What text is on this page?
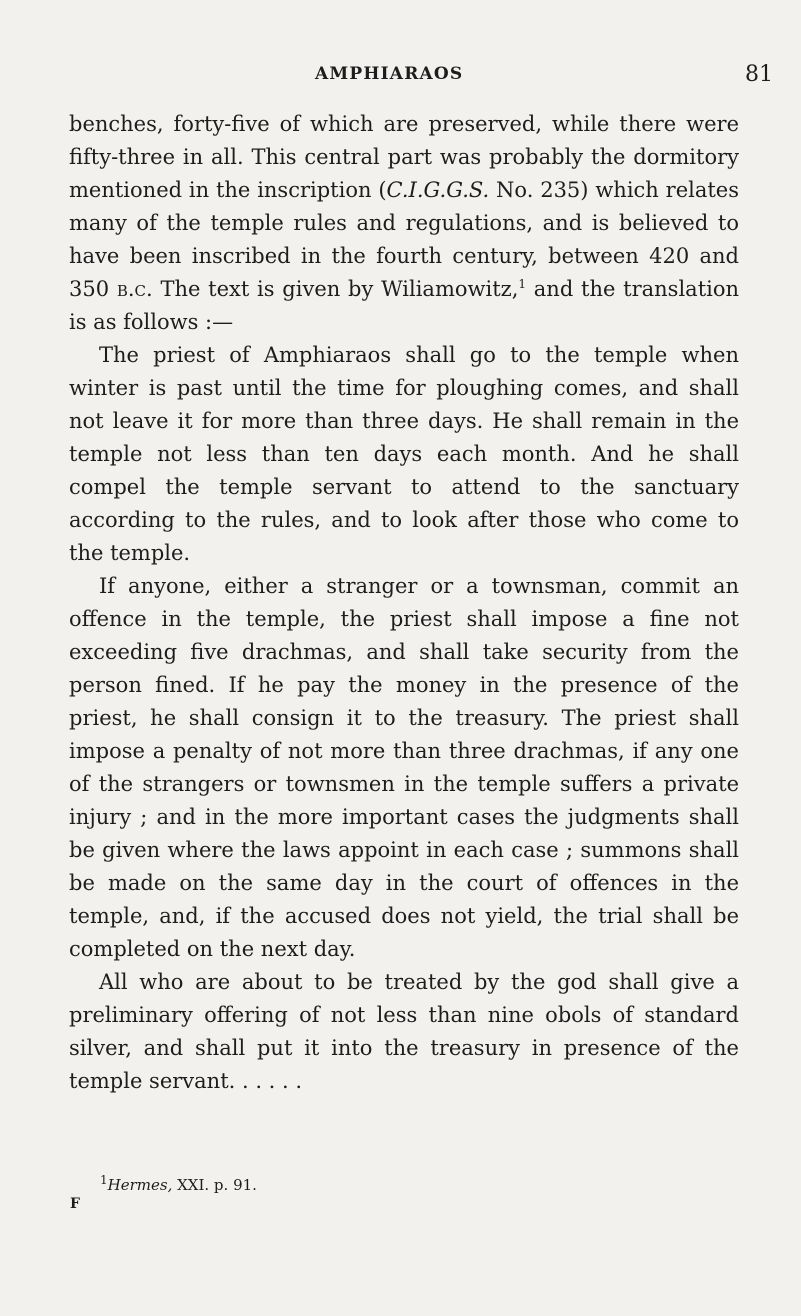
AMPHIARAOS	81

benches, forty-five of which are preserved, while there were fifty-three in all. This central part was probably the dormitory mentioned in the inscription (C.I.G.G.S. No. 235) which relates many of the temple rules and regulations, and is believed to have been inscribed in the fourth century, between 420 and 350 b.c. The text is given by Wiliamowitz,$^1$ and the translation is as follows :—

The priest of Amphiaraos shall go to the temple when winter is past until the time for ploughing comes, and shall not leave it for more than three days. He shall remain in the temple not less than ten days each month. And he shall compel the temple servant to attend to the sanctuary according to the rules, and to look after those who come to the temple.

If anyone, either a stranger or a townsman, commit an offence in the temple, the priest shall impose a fine not exceeding five drachmas, and shall take security from the person fined. If he pay the money in the presence of the priest, he shall consign it to the treasury. The priest shall impose a penalty of not more than three drachmas, if any one of the strangers or townsmen in the temple suffers a private injury ; and in the more important cases the judgments shall be given where the laws appoint in each case ; summons shall be made on the same day in the court of offences in the temple, and, if the accused does not yield, the trial shall be completed on the next day.

All who are about to be treated by the god shall give a preliminary offering of not less than nine obols of standard silver, and shall put it into the treasury in presence of the temple servant. . . . . .

$^1$Hermes, XXI. p. 91.
F
